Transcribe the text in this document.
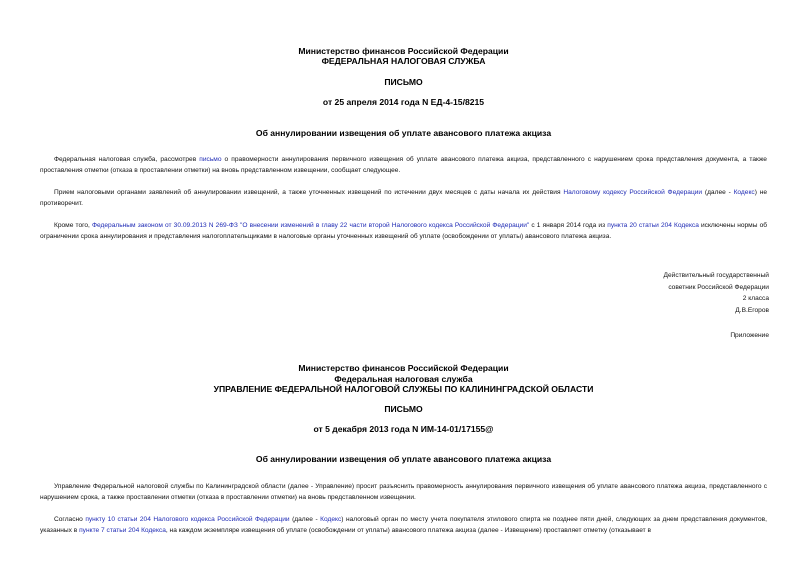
Министерство финансов Российской Федерации
ФЕДЕРАЛЬНАЯ НАЛОГОВАЯ СЛУЖБА
ПИСЬМО
от 25 апреля 2014 года N ЕД-4-15/8215
Об аннулировании извещения об уплате авансового платежа акциза
Федеральная налоговая служба, рассмотрев письмо о правомерности аннулирования первичного извещения об уплате авансового платежа акциза, представленного с нарушением срока представления документа, а также проставления отметки (отказа в проставлении отметки) на вновь представленном извещении, сообщает следующее.
Прием налоговыми органами заявлений об аннулировании извещений, а также уточненных извещений по истечении двух месяцев с даты начала их действия Налоговому кодексу Российской Федерации (далее - Кодекс) не противоречит.
Кроме того, Федеральным законом от 30.09.2013 N 269-ФЗ "О внесении изменений в главу 22 части второй Налогового кодекса Российской Федерации" с 1 января 2014 года из пункта 20 статьи 204 Кодекса исключены нормы об ограничении срока аннулирования и представления налогоплательщиками в налоговые органы уточненных извещений об уплате (освобождении от уплаты) авансового платежа акциза.
Действительный государственный
советник Российской Федерации
2 класса
Д.В.Егоров
Приложение
Министерство финансов Российской Федерации
Федеральная налоговая служба
УПРАВЛЕНИЕ ФЕДЕРАЛЬНОЙ НАЛОГОВОЙ СЛУЖБЫ ПО КАЛИНИНГРАДСКОЙ ОБЛАСТИ
ПИСЬМО
от 5 декабря 2013 года N ИМ-14-01/17155@
Об аннулировании извещения об уплате авансового платежа акциза
Управление Федеральной налоговой службы по Калининградской области (далее - Управление) просит разъяснить правомерность аннулирования первичного извещения об уплате авансового платежа акциза, представленного с нарушением срока, а также проставлении отметки (отказа в проставлении отметки) на вновь представленном извещении.
Согласно пункту 10 статьи 204 Налогового кодекса Российской Федерации (далее - Кодекс) налоговый орган по месту учета покупателя этилового спирта не позднее пяти дней, следующих за днем представления документов, указанных в пункте 7 статьи 204 Кодекса, на каждом экземпляре извещения об уплате (освобождении от уплаты) авансового платежа акциза (далее - Извещение) проставляет отметку (отказывает в
